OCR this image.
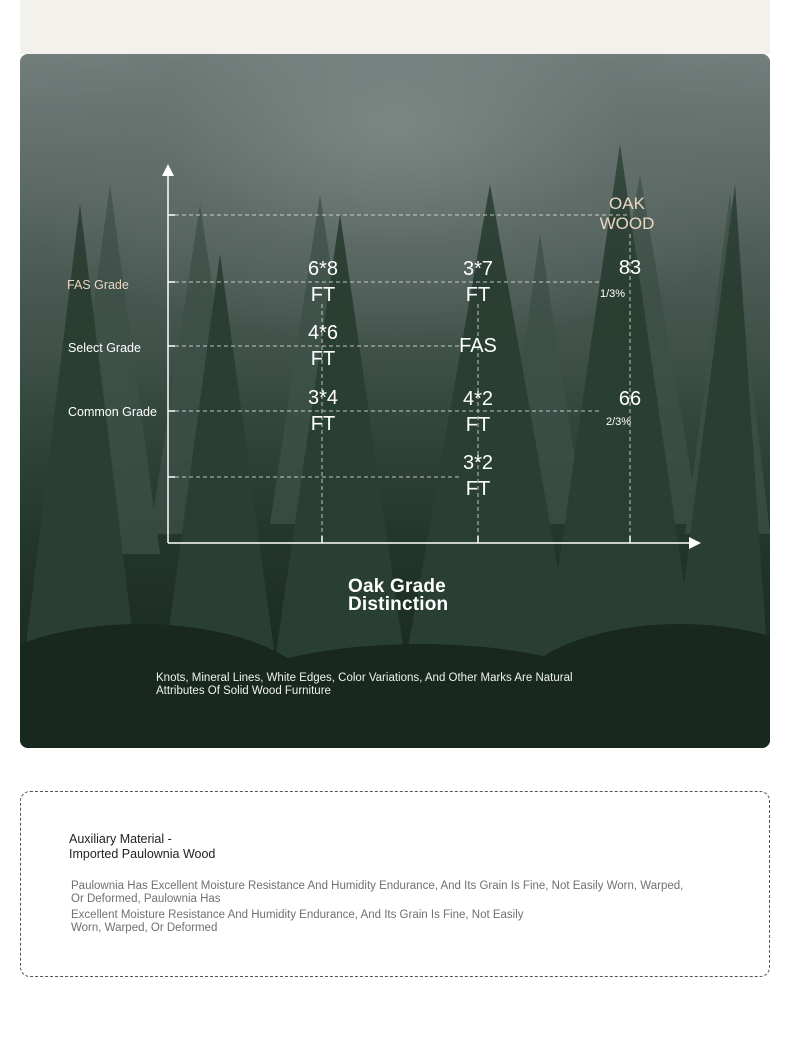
FAS Grade
Select Grade
Common Grade
OAK
WOOD
6*8
FT
4*6
FT
3*4
FT
3*7
FT
FAS
4*2
FT
3*2
FT
83
1/3%
66
2/3%
Oak Grade
Distinction
Knots, Mineral Lines, White Edges, Color Variations, And Other Marks Are Natural
Attributes Of Solid Wood Furniture
Auxiliary Material -
Imported Paulownia Wood

Paulownia Has Excellent Moisture Resistance And Humidity Endurance, And Its Grain Is Fine, Not Easily Worn, Warped,
Or Deformed, Paulownia Has

Excellent Moisture Resistance And Humidity Endurance, And Its Grain Is Fine, Not Easily
Worn, Warped, Or Deformed
